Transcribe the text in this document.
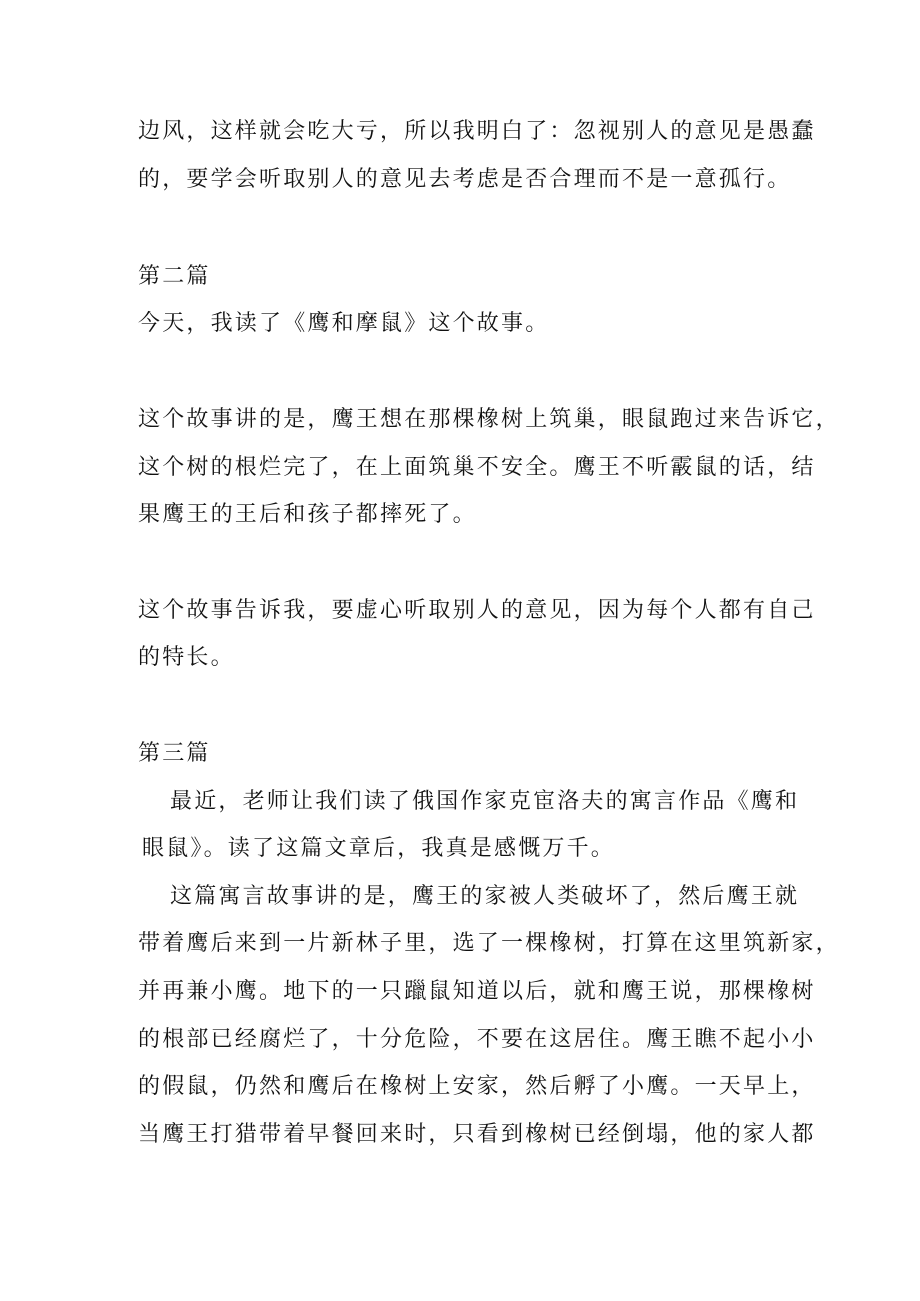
边风，这样就会吃大亏，所以我明白了：忽视别人的意见是愚蠢
的，要学会听取别人的意见去考虑是否合理而不是一意孤行。
第二篇
今天，我读了《鹰和摩鼠》这个故事。
这个故事讲的是，鹰王想在那棵橡树上筑巢，眼鼠跑过来告诉它，
这个树的根烂完了，在上面筑巢不安全。鹰王不听霰鼠的话，结
果鹰王的王后和孩子都摔死了。
这个故事告诉我，要虚心听取别人的意见，因为每个人都有自己
的特长。
第三篇
最近，老师让我们读了俄国作家克宦洛夫的寓言作品《鹰和
眼鼠》。读了这篇文章后，我真是感慨万千。
这篇寓言故事讲的是，鹰王的家被人类破坏了，然后鹰王就
带着鹰后来到一片新林子里，选了一棵橡树，打算在这里筑新家，
并再兼小鹰。地下的一只躐鼠知道以后，就和鹰王说，那棵橡树
的根部已经腐烂了，十分危险，不要在这居住。鹰王瞧不起小小
的假鼠，仍然和鹰后在橡树上安家，然后孵了小鹰。一天早上，
当鹰王打猎带着早餐回来时，只看到橡树已经倒塌，他的家人都
